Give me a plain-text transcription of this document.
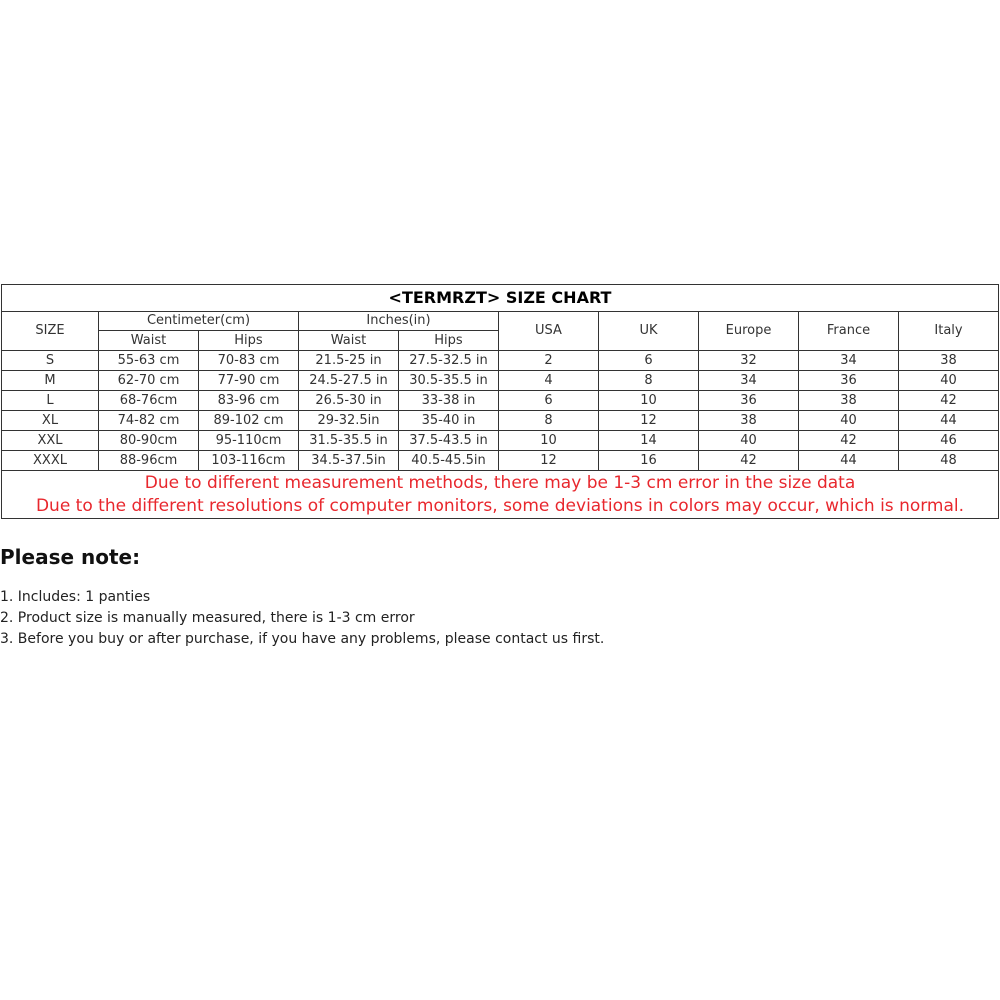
<TERMRZT> SIZE CHART									
SIZE	Centimeter(cm)		Inches(in)		USA	UK	Europe	France	Italy
	Waist	Hips	Waist	Hips					
S	55-63 cm	70-83 cm	21.5-25 in	27.5-32.5 in	2	6	32	34	38
M	62-70 cm	77-90 cm	24.5-27.5 in	30.5-35.5 in	4	8	34	36	40
L	68-76cm	83-96 cm	26.5-30 in	33-38 in	6	10	36	38	42
XL	74-82 cm	89-102 cm	29-32.5in	35-40 in	8	12	38	40	44
XXL	80-90cm	95-110cm	31.5-35.5 in	37.5-43.5 in	10	14	40	42	46
XXXL	88-96cm	103-116cm	34.5-37.5in	40.5-45.5in	12	16	42	44	48

Due to different measurement methods, there may be 1-3 cm error in the size data
Due to the different resolutions of computer monitors, some deviations in colors may occur, which is normal.									
Please note:
1. Includes: 1 panties
2. Product size is manually measured, there is 1-3 cm error
3. Before you buy or after purchase, if you have any problems, please contact us first.
